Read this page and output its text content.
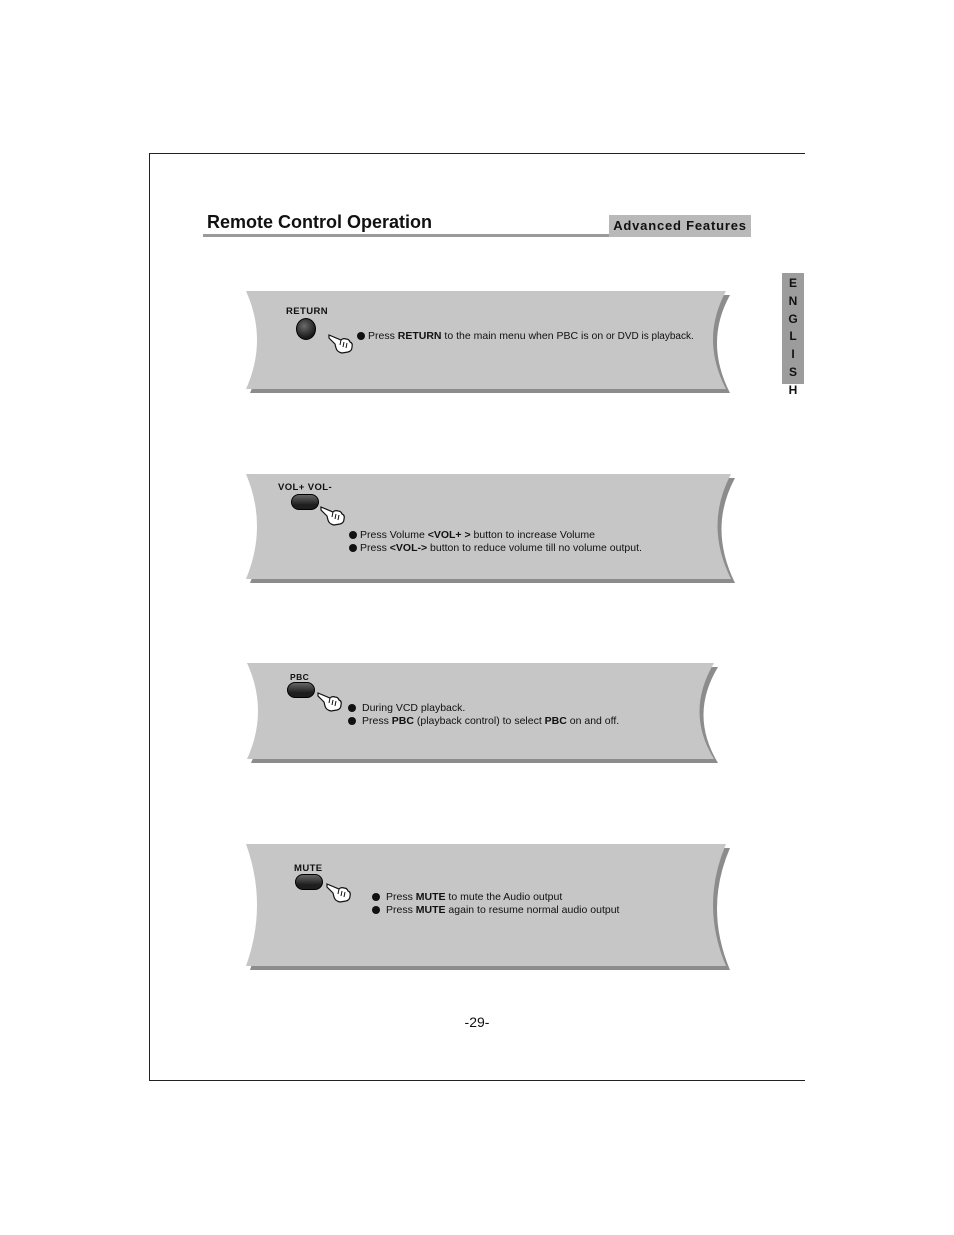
Remote Control Operation	Advanced Features
E
N
G
L
I
S
H
RETURN
Press RETURN to the main menu when PBC is on or DVD is playback.
VOL+ VOL-
Press Volume <VOL+ > button to increase Volume
Press <VOL-> button to reduce volume till no volume output.
PBC
During VCD playback.
Press PBC (playback control) to select PBC on and off.
MUTE
Press MUTE to mute the Audio output
Press MUTE again to resume normal audio output
-29-
